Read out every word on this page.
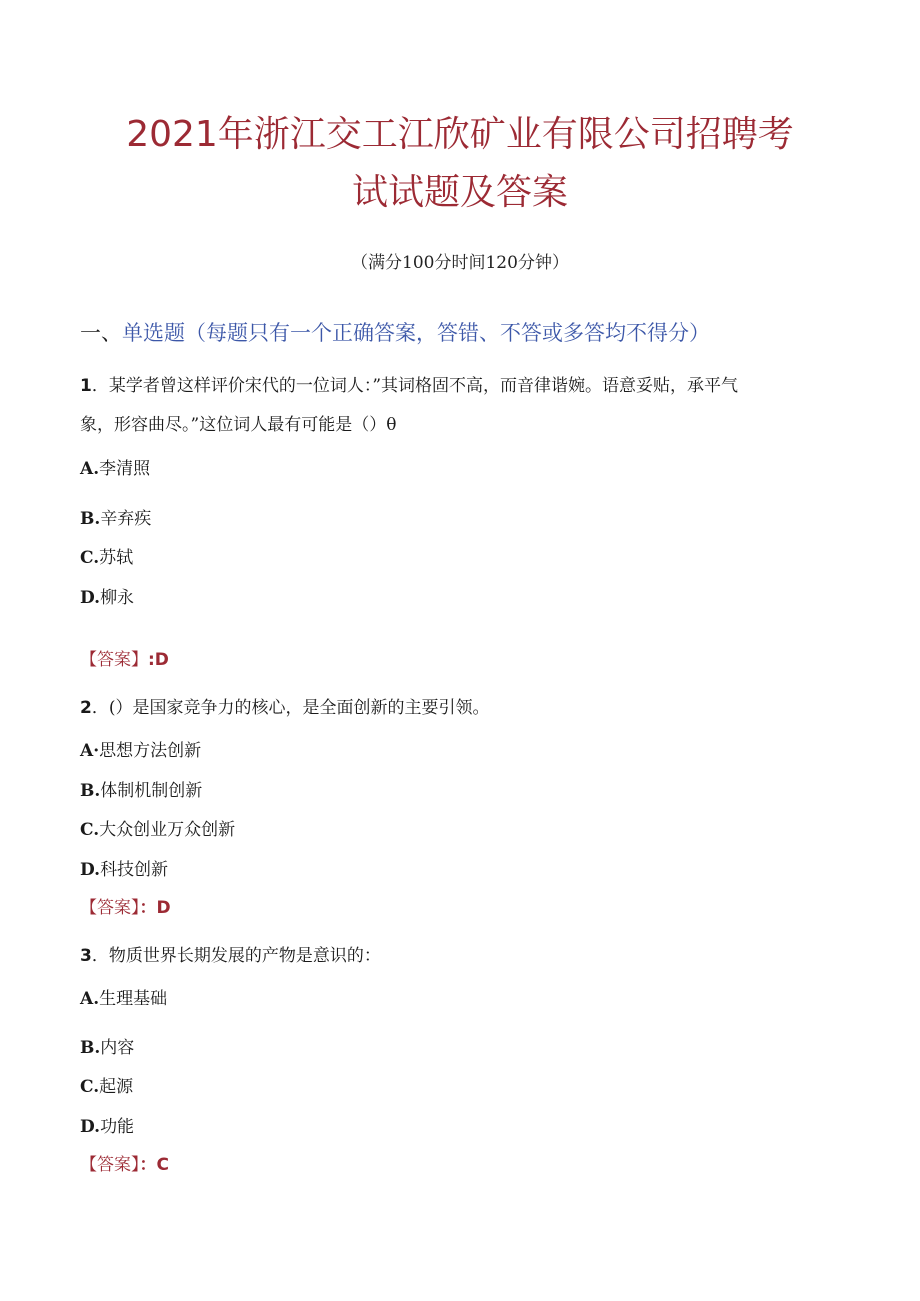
2021年浙江交工江欣矿业有限公司招聘考
试试题及答案
（满分100分时间120分钟）
一、单选题（每题只有一个正确答案，答错、不答或多答均不得分）
1．某学者曾这样评价宋代的一位词人：”其词格固不高，而音律谐婉。语意妥贴，承平气
象，形容曲尽。”这位词人最有可能是（）θ
A.李清照
B.辛弃疾
C.苏轼
D.柳永
【答案】:D
2．(）是国家竞争力的核心，是全面创新的主要引领。
A·思想方法创新
B.体制机制创新
C.大众创业万众创新
D.科技创新
【答案】：D
3．物质世界长期发展的产物是意识的：
A.生理基础
B.内容
C.起源
D.功能
【答案】：C
